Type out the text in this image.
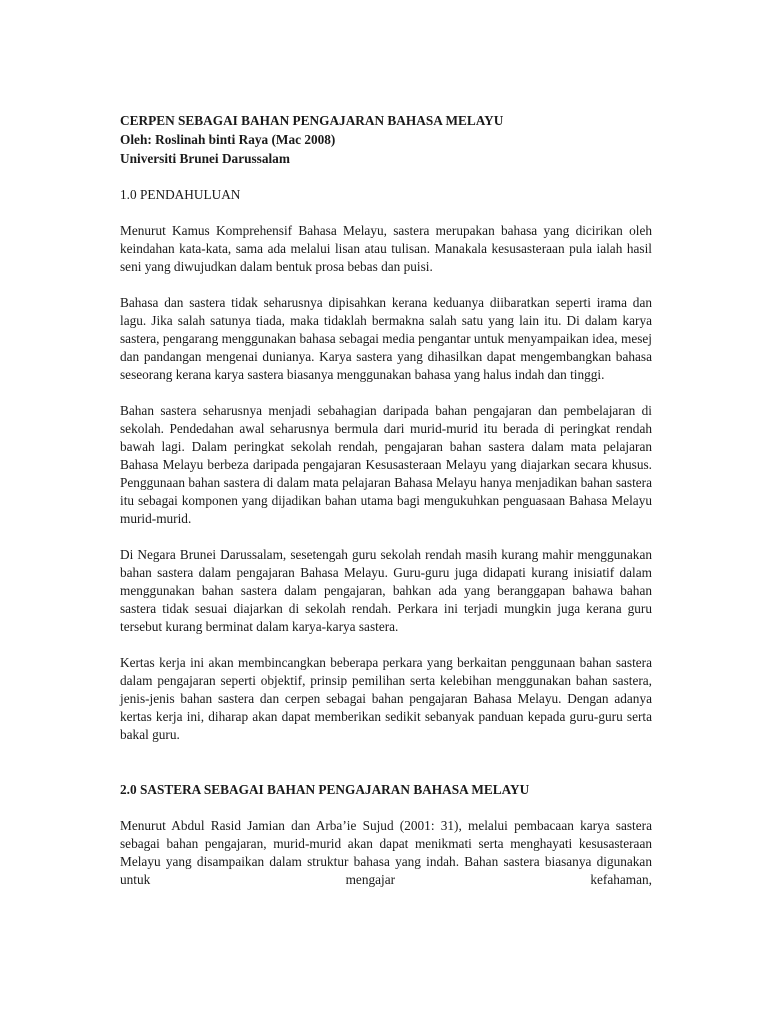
CERPEN SEBAGAI BAHAN PENGAJARAN BAHASA MELAYU
Oleh: Roslinah binti Raya (Mac 2008)
Universiti Brunei Darussalam
1.0 PENDAHULUAN

Menurut Kamus Komprehensif Bahasa Melayu, sastera merupakan bahasa yang dicirikan oleh keindahan kata-kata, sama ada melalui lisan atau tulisan. Manakala kesusasteraan pula ialah hasil seni yang diwujudkan dalam bentuk prosa bebas dan puisi.

Bahasa dan sastera tidak seharusnya dipisahkan kerana keduanya diibaratkan seperti irama dan lagu. Jika salah satunya tiada, maka tidaklah bermakna salah satu yang lain itu. Di dalam karya sastera, pengarang menggunakan bahasa sebagai media pengantar untuk menyampaikan idea, mesej dan pandangan mengenai dunianya. Karya sastera yang dihasilkan dapat mengembangkan bahasa seseorang kerana karya sastera biasanya menggunakan bahasa yang halus indah dan tinggi.

Bahan sastera seharusnya menjadi sebahagian daripada bahan pengajaran dan pembelajaran di sekolah. Pendedahan awal seharusnya bermula dari murid-murid itu berada di peringkat rendah bawah lagi. Dalam peringkat sekolah rendah, pengajaran bahan sastera dalam mata pelajaran Bahasa Melayu berbeza daripada pengajaran Kesusasteraan Melayu yang diajarkan secara khusus. Penggunaan bahan sastera di dalam mata pelajaran Bahasa Melayu hanya menjadikan bahan sastera itu sebagai komponen yang dijadikan bahan utama bagi mengukuhkan penguasaan Bahasa Melayu murid-murid.

Di Negara Brunei Darussalam, sesetengah guru sekolah rendah masih kurang mahir menggunakan bahan sastera dalam pengajaran Bahasa Melayu. Guru-guru juga didapati kurang inisiatif dalam menggunakan bahan sastera dalam pengajaran, bahkan ada yang beranggapan bahawa bahan sastera tidak sesuai diajarkan di sekolah rendah. Perkara ini terjadi mungkin juga kerana guru tersebut kurang berminat dalam karya-karya sastera.

Kertas kerja ini akan membincangkan beberapa perkara yang berkaitan penggunaan bahan sastera dalam pengajaran seperti objektif, prinsip pemilihan serta kelebihan menggunakan bahan sastera, jenis-jenis bahan sastera dan cerpen sebagai bahan pengajaran Bahasa Melayu. Dengan adanya kertas kerja ini, diharap akan dapat memberikan sedikit sebanyak panduan kepada guru-guru serta bakal guru.

2.0 SASTERA SEBAGAI BAHAN PENGAJARAN BAHASA MELAYU

Menurut Abdul Rasid Jamian dan Arba’ie Sujud (2001: 31), melalui pembacaan karya sastera sebagai bahan pengajaran, murid-murid akan dapat menikmati serta menghayati kesusasteraan Melayu yang disampaikan dalam struktur bahasa yang indah. Bahan sastera biasanya digunakan untuk mengajar kefahaman,
